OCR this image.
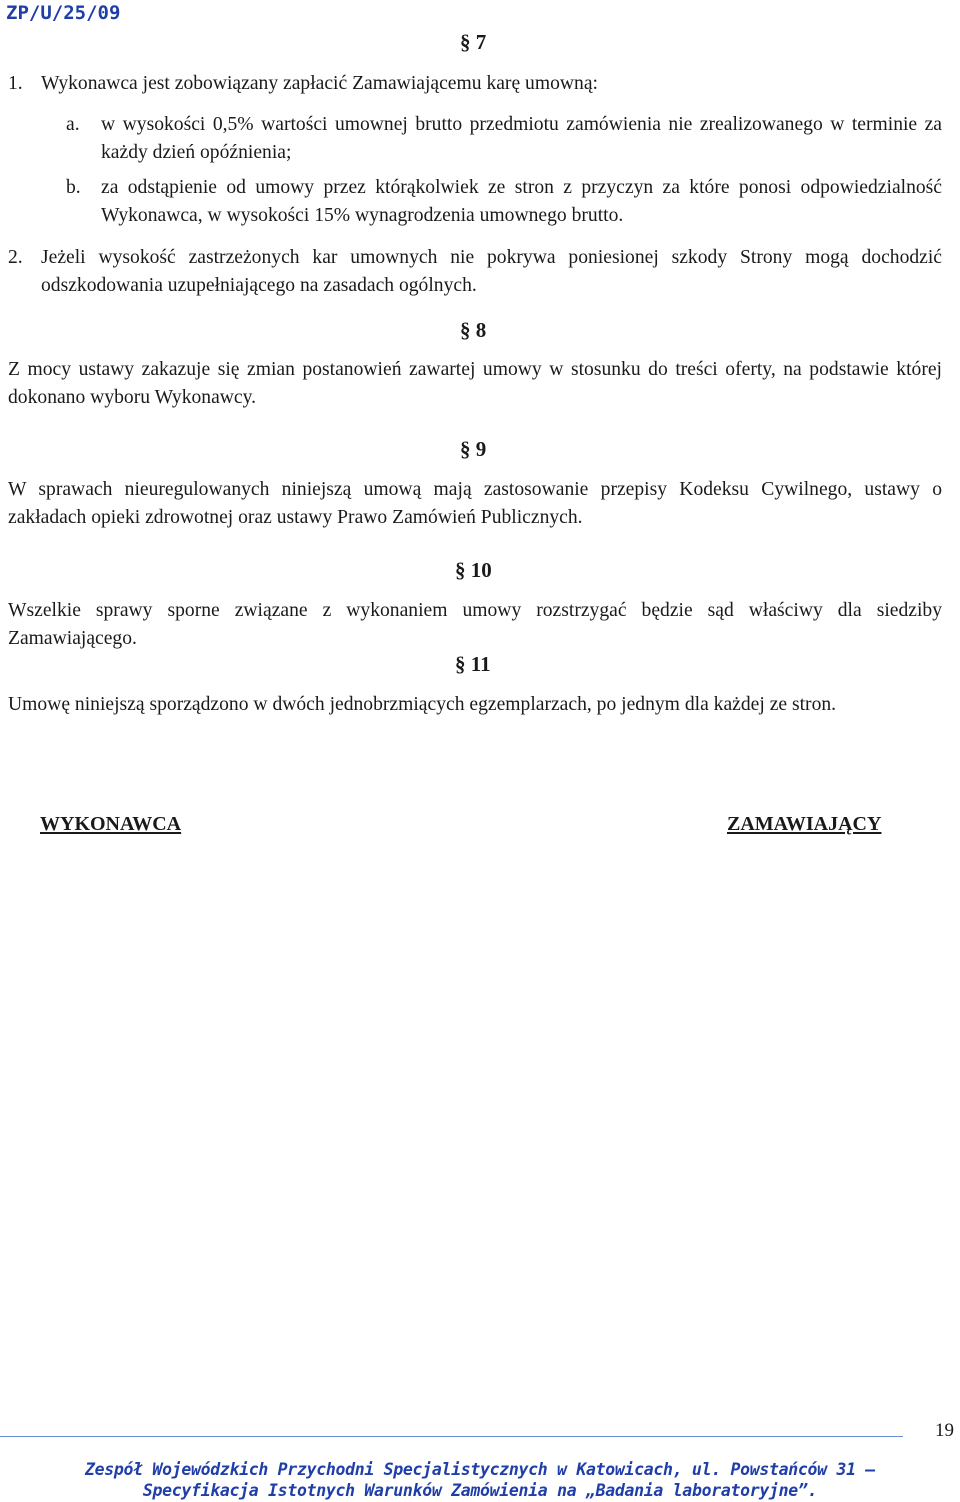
ZP/U/25/09
§ 7

1. Wykonawca jest zobowiązany zapłacić Zamawiającemu karę umowną:

a.	w wysokości 0,5% wartości umownej brutto przedmiotu zamówienia nie zrealizowanego w terminie za każdy dzień opóźnienia;

b.	za odstąpienie od umowy przez którąkolwiek ze stron z przyczyn za które ponosi odpowiedzialność Wykonawca, w wysokości 15% wynagrodzenia umownego brutto.

2. Jeżeli wysokość zastrzeżonych kar umownych nie pokrywa poniesionej szkody Strony mogą dochodzić odszkodowania uzupełniającego na zasadach ogólnych.

§ 8

Z mocy ustawy zakazuje się zmian postanowień zawartej umowy w stosunku do treści oferty, na podstawie której dokonano wyboru Wykonawcy.

§ 9

W sprawach nieuregulowanych niniejszą umową mają zastosowanie przepisy Kodeksu Cywilnego, ustawy o zakładach opieki zdrowotnej oraz ustawy Prawo Zamówień Publicznych.

§ 10

Wszelkie sprawy sporne związane z wykonaniem umowy rozstrzygać będzie sąd właściwy dla siedziby Zamawiającego.

§ 11

Umowę niniejszą sporządzono w dwóch jednobrzmiących egzemplarzach, po jednym dla każdej ze stron.

WYKONAWCA	ZAMAWIAJĄCY
19
Zespół Wojewódzkich Przychodni Specjalistycznych w Katowicach, ul. Powstańców 31 –
Specyfikacja Istotnych Warunków Zamówienia na „Badania laboratoryjne”.
